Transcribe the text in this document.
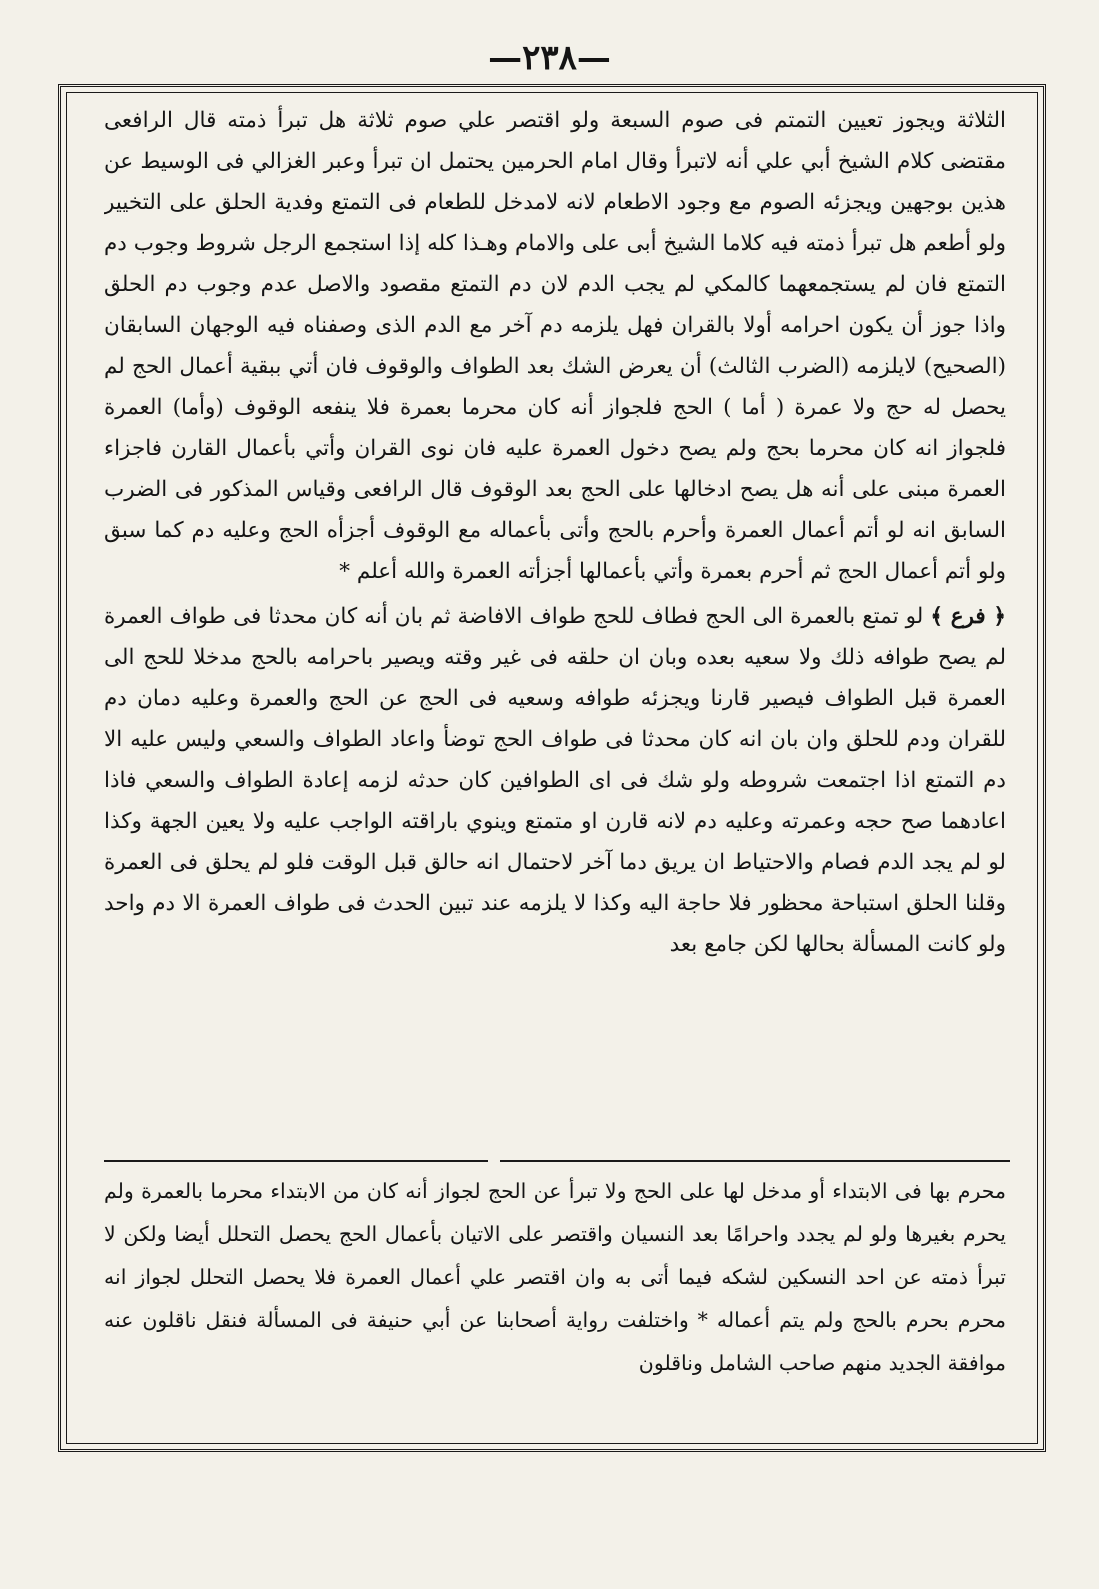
—٢٣٨—

الثلاثة ويجوز تعيين التمتم فى صوم السبعة ولو اقتصر علي صوم ثلاثة هل تبرأ ذمته قال الرافعى مقتضى كلام الشيخ أبي علي أنه لاتبرأ وقال امام الحرمين يحتمل ان تبرأ وعبر الغزالي فى الوسيط عن هذين بوجهين ويجزئه الصوم مع وجود الاطعام لانه لامدخل للطعام فى التمتع وفدية الحلق على التخيير ولو أطعم هل تبرأ ذمته فيه كلاما الشيخ أبى على والامام وهـذا كله إذا استجمع الرجل شروط وجوب دم التمتع فان لم يستجمعهما كالمكي لم يجب الدم لان دم التمتع مقصود والاصل عدم وجوب دم الحلق واذا جوز أن يكون احرامه أولا بالقران فهل يلزمه دم آخر مع الدم الذى وصفناه فيه الوجهان السابقان (الصحيح) لايلزمه (الضرب الثالث) أن يعرض الشك بعد الطواف والوقوف فان أتي ببقية أعمال الحج لم يحصل له حج ولا عمرة ( أما ) الحج فلجواز أنه كان محرما بعمرة فلا ينفعه الوقوف (وأما) العمرة فلجواز انه كان محرما بحج ولم يصح دخول العمرة عليه فان نوى القران وأتي بأعمال القارن فاجزاء العمرة مبنى على أنه هل يصح ادخالها على الحج بعد الوقوف قال الرافعى وقياس المذكور فى الضرب السابق انه لو أتم أعمال العمرة وأحرم بالحج وأتى بأعماله مع الوقوف أجزأه الحج وعليه دم كما سبق ولو أتم أعمال الحج ثم أحرم بعمرة وأتي بأعمالها أجزأته العمرة والله أعلم *

﴿ فرع ﴾ لو تمتع بالعمرة الى الحج فطاف للحج طواف الافاضة ثم بان أنه كان محدثا فى طواف العمرة لم يصح طوافه ذلك ولا سعيه بعده وبان ان حلقه فى غير وقته ويصير باحرامه بالحج مدخلا للحج الى العمرة قبل الطواف فيصير قارنا ويجزئه طوافه وسعيه فى الحج عن الحج والعمرة وعليه دمان دم للقران ودم للحلق وان بان انه كان محدثا فى طواف الحج توضأ واعاد الطواف والسعي وليس عليه الا دم التمتع اذا اجتمعت شروطه ولو شك فى اى الطوافين كان حدثه لزمه إعادة الطواف والسعي فاذا اعادهما صح حجه وعمرته وعليه دم لانه قارن او متمتع وينوي باراقته الواجب عليه ولا يعين الجهة وكذا لو لم يجد الدم فصام والاحتياط ان يريق دما آخر لاحتمال انه حالق قبل الوقت فلو لم يحلق فى العمرة وقلنا الحلق استباحة محظور فلا حاجة اليه وكذا لا يلزمه عند تبين الحدث فى طواف العمرة الا دم واحد ولو كانت المسألة بحالها لكن جامع بعد

محرم بها فى الابتداء أو مدخل لها على الحج ولا تبرأ عن الحج لجواز أنه كان من الابتداء محرما بالعمرة ولم يحرم بغيرها ولو لم يجدد واحرامًا بعد النسيان واقتصر على الاتيان بأعمال الحج يحصل التحلل أيضا ولكن لا تبرأ ذمته عن احد النسكين لشكه فيما أتى به وان اقتصر علي أعمال العمرة فلا يحصل التحلل لجواز انه محرم بحرم بالحج ولم يتم أعماله * واختلفت رواية أصحابنا عن أبي حنيفة فى المسألة فنقل ناقلون عنه موافقة الجديد منهم صاحب الشامل وناقلون
